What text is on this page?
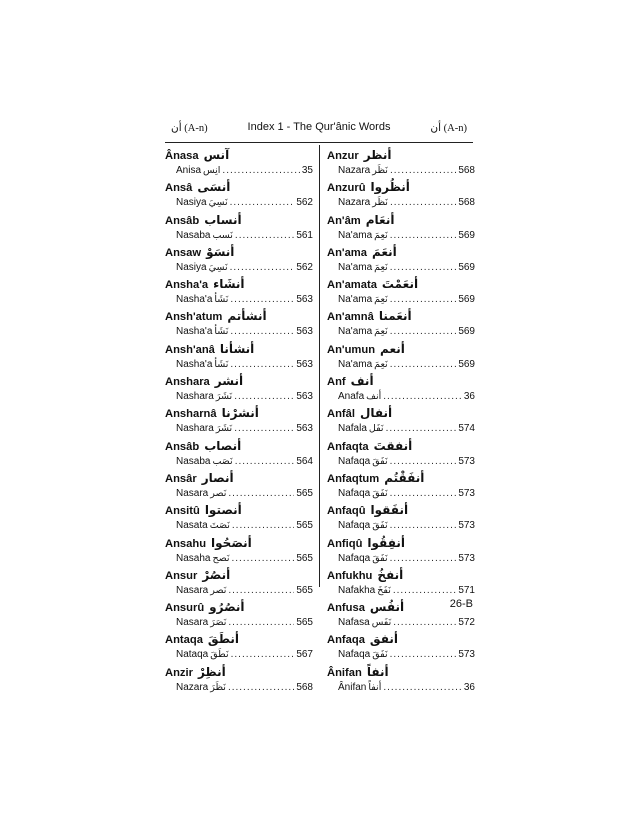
أن (A-n)	Index 1 - The Qur'ânic Words	أن (A-n)
Ânasa آنس
Anisa انِس .....	35
Ansâ أنسَى
Nasiya نَسِيَ .....	562
Ansâb أنساب
Nasaba نَسب .....	561
Ansaw أنسَوْ
Nasiya نَسِيَ .....	562
Ansha'a أنشَاء
Nasha'a نَشَأ .....	563
Ansh'atum أنشأتم
Nasha'a نَشَأ .....	563
Ansh'anâ أنشأنا
Nasha'a نَشَأ .....	563
Anshara أنشر
Nashara نَشَرَ .....	563
Ansharnâ أنشرْنا
Nashara نَشَرَ .....	563
Ansâb أنصاب
Nasaba نَصَب .....	564
Ansâr أنصار
Nasara نَصر .....	565
Ansitû أنصتوا
Nasata نَصَتَ .....	565
Ansahu أنصَحُوا
Nasaha نَصح .....	565
Ansur أنصُرْ
Nasara نَصر .....	565
Ansurû أنصُرُو
Nasara نَصَرَ .....	565
Antaqa أنطَقَ
Nataqa نَطَقَ .....	567
Anzir أنظِرْ
Nazara نَظَرَ .....	568
Anzur أنظر
Nazara نَظَر .....	568
Anzurû أنظُروا
Nazara نَظَر .....	568
An'âm أنعَام
Na'ama نَعِمَ .....	569
An'ama أنعَمَ
Na'ama نَعِمَ .....	569
An'amata أنعَمْتَ
Na'ama نَعِمَ .....	569
An'amnâ أنعَمنا
Na'ama نَعِمَ .....	569
An'umun أنعم
Na'ama نَعِمَ .....	569
Anf أنف
Anafa أنف .....	36
Anfâl أنفال
Nafala نَفَل .....	574
Anfaqta أنفقتَ
Nafaqa نَفَقَ .....	573
Anfaqtum أنفَقْتُم
Nafaqa نَفَقَ .....	573
Anfaqû أنفَقوا
Nafaqa نَفَقَ .....	573
Anfiqû أنفِقُوا
Nafaqa نَفَقَ .....	573
Anfukhu أنفخُ
Nafakha نَفَخَ .....	571
Anfusa أنفُس
Nafasa نَفَس .....	572
Anfaqa أنفق
Nafaqa نَفَقَ .....	573
Ânifan أنفاً
Ânifan أنفاً .....	36
26-B
